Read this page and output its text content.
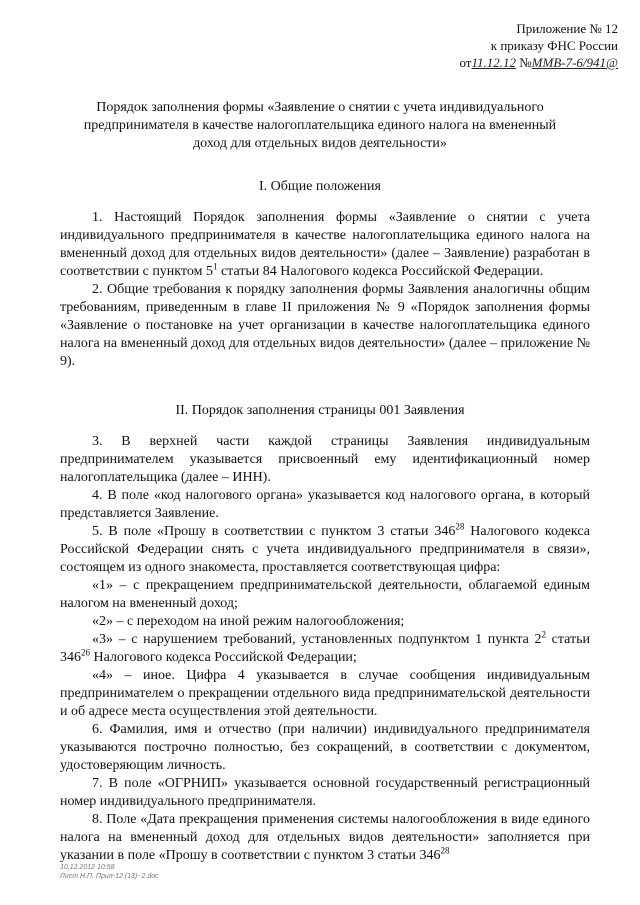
Приложение № 12
к приказу ФНС России
от11.12.12 №ММВ-7-6/941@
Порядок заполнения формы «Заявление о снятии с учета индивидуального предпринимателя в качестве налогоплательщика единого налога на вмененный доход для отдельных видов деятельности»
I. Общие положения

1. Настоящий Порядок заполнения формы «Заявление о снятии с учета индивидуального предпринимателя в качестве налогоплательщика единого налога на вмененный доход для отдельных видов деятельности» (далее – Заявление) разработан в соответствии с пунктом $5^1$ статьи 84 Налогового кодекса Российской Федерации.

2. Общие требования к порядку заполнения формы Заявления аналогичны общим требованиям, приведенным в главе II приложения № 9 «Порядок заполнения формы «Заявление о постановке на учет организации в качестве налогоплательщика единого налога на вмененный доход для отдельных видов деятельности» (далее – приложение № 9).

II. Порядок заполнения страницы 001 Заявления

3. В верхней части каждой страницы Заявления индивидуальным предпринимателем указывается присвоенный ему идентификационный номер налогоплательщика (далее – ИНН).

4. В поле «код налогового органа» указывается код налогового органа, в который представляется Заявление.

5. В поле «Прошу в соответствии с пунктом 3 статьи $346^{28}$ Налогового кодекса Российской Федерации снять с учета индивидуального предпринимателя в связи», состоящем из одного знакоместа, проставляется соответствующая цифра:

«1» – с прекращением предпринимательской деятельности, облагаемой единым налогом на вмененный доход;

«2» – с переходом на иной режим налогообложения;

«3» – с нарушением требований, установленных подпунктом 1 пункта $2^2$ статьи $346^{26}$ Налогового кодекса Российской Федерации;

«4» – иное. Цифра 4 указывается в случае сообщения индивидуальным предпринимателем о прекращении отдельного вида предпринимательской деятельности и об адресе места осуществления этой деятельности.

6. Фамилия, имя и отчество (при наличии) индивидуального предпринимателя указываются построчно полностью, без сокращений, в соответствии с документом, удостоверяющим личность.

7. В поле «ОГРНИП» указывается основной государственный регистрационный номер индивидуального предпринимателя.

8. Поле «Дата прекращения применения системы налогообложения в виде единого налога на вмененный доход для отдельных видов деятельности» заполняется при указании в поле «Прошу в соответствии с пунктом 3 статьи $346^{28}$

10.12.2012 10:58
Лист Н.П. Прил-12 (13)- 2.doc
